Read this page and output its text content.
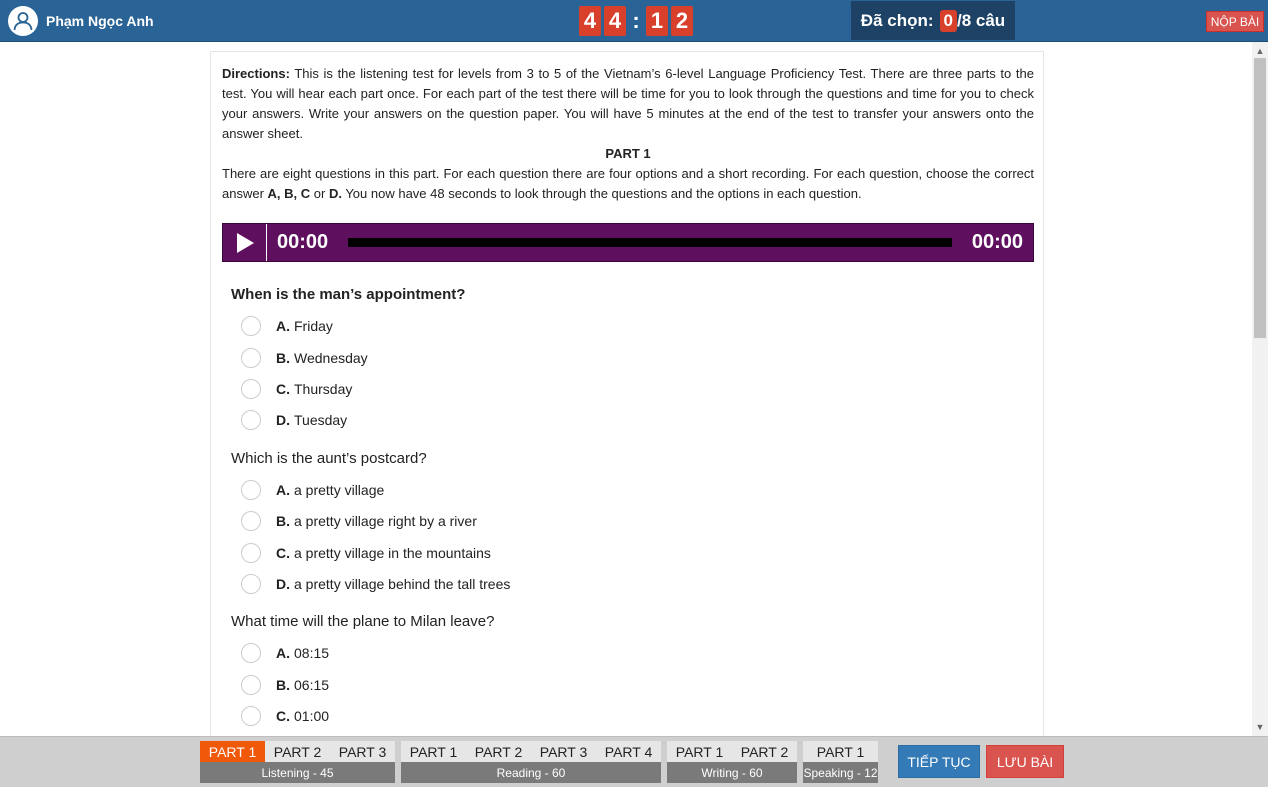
Phạm Ngọc Anh	4 4 : 1 2	Đã chọn: 0 /8 câu	NỘP BÀI

Directions: This is the listening test for levels from 3 to 5 of the Vietnam’s 6-level Language Proficiency Test. There are three parts to the test. You will hear each part once. For each part of the test there will be time for you to look through the questions and time for you to check your answers. Write your answers on the question paper. You will have 5 minutes at the end of the test to transfer your answers onto the answer sheet.

PART 1

There are eight questions in this part. For each question there are four options and a short recording. For each question, choose the correct answer A, B, C or D. You now have 48 seconds to look through the questions and the options in each question.

00:00	00:00
When is the man’s appointment?
A. Friday
B. Wednesday
C. Thursday
D. Tuesday
Which is the aunt’s postcard?
A. a pretty village
B. a pretty village right by a river
C. a pretty village in the mountains
D. a pretty village behind the tall trees
What time will the plane to Milan leave?
A. 08:15
B. 06:15
C. 01:00
▲
▼
PART 1	PART 2	PART 3
Listening - 45
PART 1	PART 2	PART 3	PART 4
Reading - 60
PART 1	PART 2
Writing - 60
PART 1
Speaking - 12
TIẾP TỤC	LƯU BÀI
